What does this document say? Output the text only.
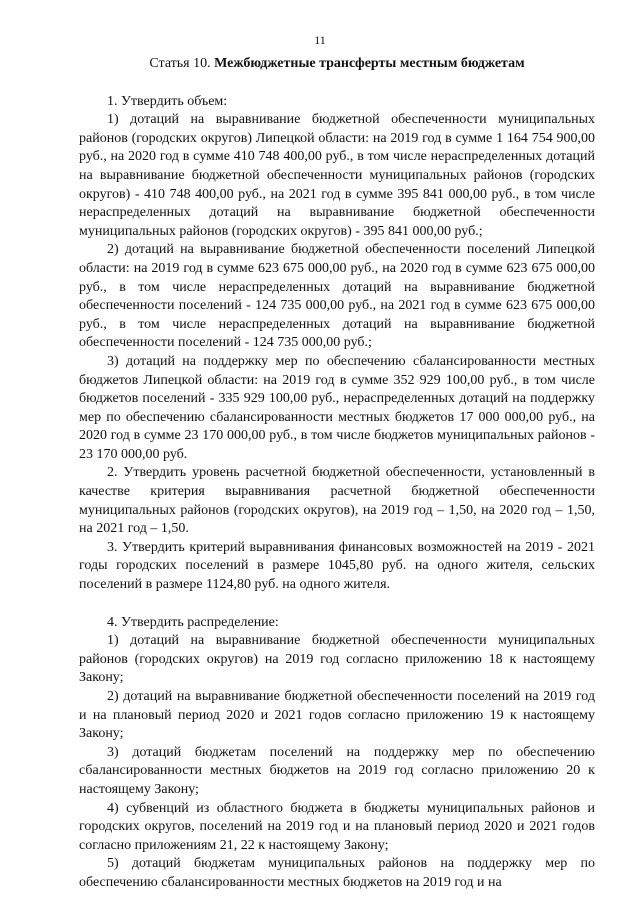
11
Статья 10. Межбюджетные трансферты местным бюджетам

1. Утвердить объем:

1) дотаций на выравнивание бюджетной обеспеченности муниципальных районов (городских округов) Липецкой области: на 2019 год в сумме 1 164 754 900,00 руб., на 2020 год в сумме 410 748 400,00 руб., в том числе нераспределенных дотаций на выравнивание бюджетной обеспеченности муниципальных районов (городских округов) - 410 748 400,00 руб., на 2021 год в сумме 395 841 000,00 руб., в том числе нераспределенных дотаций на выравнивание бюджетной обеспеченности муниципальных районов (городских округов) - 395 841 000,00 руб.;

2) дотаций на выравнивание бюджетной обеспеченности поселений Липецкой области: на 2019 год в сумме 623 675 000,00 руб., на 2020 год в сумме 623 675 000,00 руб., в том числе нераспределенных дотаций на выравнивание бюджетной обеспеченности поселений - 124 735 000,00 руб., на 2021 год в сумме 623 675 000,00 руб., в том числе нераспределенных дотаций на выравнивание бюджетной обеспеченности поселений - 124 735 000,00 руб.;

3) дотаций на поддержку мер по обеспечению сбалансированности местных бюджетов Липецкой области: на 2019 год в сумме 352 929 100,00 руб., в том числе бюджетов поселений - 335 929 100,00 руб., нераспределенных дотаций на поддержку мер по обеспечению сбалансированности местных бюджетов 17 000 000,00 руб., на 2020 год в сумме 23 170 000,00 руб., в том числе бюджетов муниципальных районов - 23 170 000,00 руб.

2. Утвердить уровень расчетной бюджетной обеспеченности, установленный в качестве критерия выравнивания расчетной бюджетной обеспеченности муниципальных районов (городских округов), на 2019 год – 1,50, на 2020 год – 1,50, на 2021 год – 1,50.

3. Утвердить критерий выравнивания финансовых возможностей на 2019 - 2021 годы городских поселений в размере 1045,80 руб. на одного жителя, сельских поселений в размере 1124,80 руб. на одного жителя.

4. Утвердить распределение:

1) дотаций на выравнивание бюджетной обеспеченности муниципальных районов (городских округов) на 2019 год согласно приложению 18 к настоящему Закону;

2) дотаций на выравнивание бюджетной обеспеченности поселений на 2019 год и на плановый период 2020 и 2021 годов согласно приложению 19 к настоящему Закону;

3) дотаций бюджетам поселений на поддержку мер по обеспечению сбалансированности местных бюджетов на 2019 год согласно приложению 20 к настоящему Закону;

4) субвенций из областного бюджета в бюджеты муниципальных районов и городских округов, поселений на 2019 год и на плановый период 2020 и 2021 годов согласно приложениям 21, 22 к настоящему Закону;

5) дотаций бюджетам муниципальных районов на поддержку мер по обеспечению сбалансированности местных бюджетов на 2019 год и на
